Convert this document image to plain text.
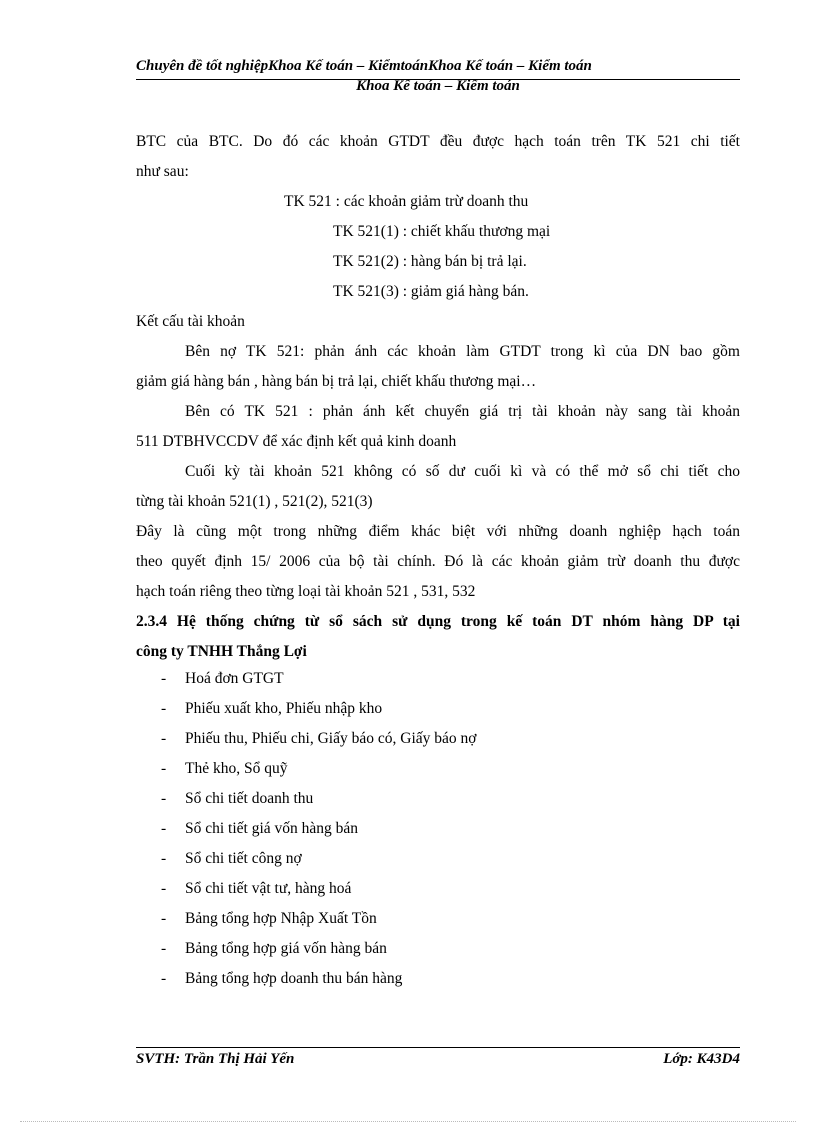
Chuyên đề tốt nghiệpKhoa Kế toán – KiểmtoánKhoa Kế toán – Kiểm toán
Khoa Kế toán – Kiểm toán
BTC của BTC. Do đó các khoản GTDT đều được hạch toán trên TK 521 chi tiết
như sau:
TK 521 : các khoản giảm trừ doanh thu
TK 521(1) : chiết khấu thương mại
TK 521(2) : hàng bán bị trả lại.
TK 521(3) : giảm giá hàng bán.
Kết cấu tài khoản
Bên nợ TK 521: phản ánh các khoản làm GTDT trong kì của DN bao gồm
giảm giá hàng bán , hàng bán bị trả lại, chiết khấu thương mại…
Bên có TK 521 : phản ánh kết chuyển giá trị tài khoản này sang tài khoản
511 DTBHVCCDV để xác định kết quả kinh doanh
Cuối kỳ tài khoản 521 không có số dư cuối kì và có thể mở sổ chi tiết cho
từng tài khoản 521(1) , 521(2), 521(3)
Đây là cũng một trong những điểm khác biệt với những doanh nghiệp hạch toán
theo quyết định 15/ 2006 của bộ tài chính. Đó là các khoản giảm trừ doanh thu được
hạch toán riêng theo từng loại tài khoản 521 , 531, 532
2.3.4 Hệ thống chứng từ sổ sách sử dụng trong kế toán DT nhóm hàng DP tại
công ty TNHH Thắng Lợi
- Hoá đơn GTGT
- Phiếu xuất kho, Phiếu nhập kho
- Phiếu thu, Phiếu chi, Giấy báo có, Giấy báo nợ
- Thẻ kho, Sổ quỹ
- Sổ chi tiết doanh thu
- Sổ chi tiết giá vốn hàng bán
- Sổ chi tiết công nợ
- Sổ chi tiết vật tư, hàng hoá
- Bảng tổng hợp Nhập Xuất Tồn
- Bảng tổng hợp giá vốn hàng bán
- Bảng tổng hợp doanh thu bán hàng
SVTH: Trần Thị Hải Yến	Lớp: K43D4
